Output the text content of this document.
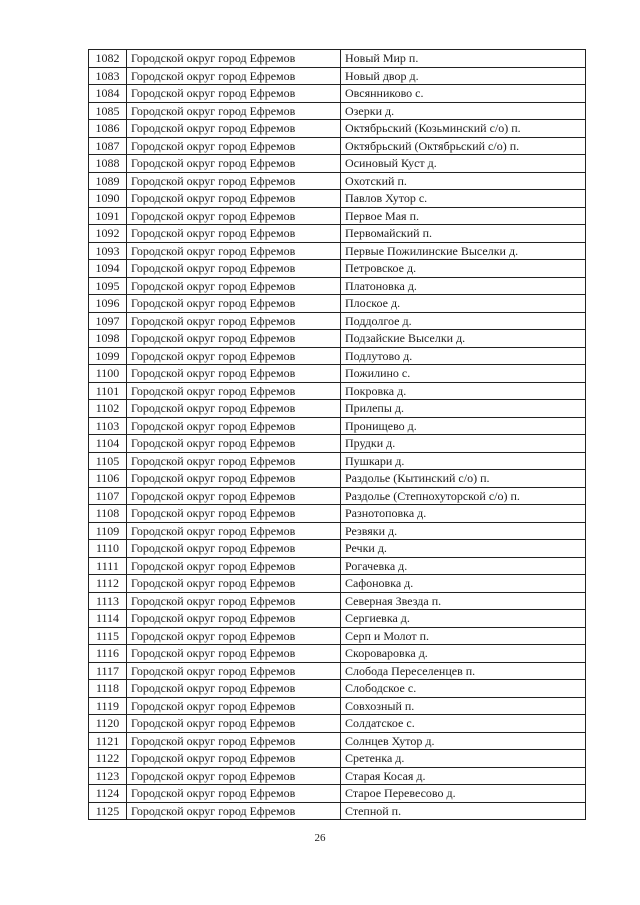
1082	Городской округ город Ефремов	Новый Мир п.
1083	Городской округ город Ефремов	Новый двор д.
1084	Городской округ город Ефремов	Овсянниково с.
1085	Городской округ город Ефремов	Озерки д.
1086	Городской округ город Ефремов	Октябрьский (Козьминский с/о) п.
1087	Городской округ город Ефремов	Октябрьский (Октябрьский с/о) п.
1088	Городской округ город Ефремов	Осиновый Куст д.
1089	Городской округ город Ефремов	Охотский п.
1090	Городской округ город Ефремов	Павлов Хутор с.
1091	Городской округ город Ефремов	Первое Мая п.
1092	Городской округ город Ефремов	Первомайский п.
1093	Городской округ город Ефремов	Первые Пожилинские Выселки д.
1094	Городской округ город Ефремов	Петровское д.
1095	Городской округ город Ефремов	Платоновка д.
1096	Городской округ город Ефремов	Плоское д.
1097	Городской округ город Ефремов	Поддолгое д.
1098	Городской округ город Ефремов	Подзайские Выселки д.
1099	Городской округ город Ефремов	Подлутово д.
1100	Городской округ город Ефремов	Пожилино с.
1101	Городской округ город Ефремов	Покровка д.
1102	Городской округ город Ефремов	Прилепы д.
1103	Городской округ город Ефремов	Пронищево д.
1104	Городской округ город Ефремов	Прудки д.
1105	Городской округ город Ефремов	Пушкари д.
1106	Городской округ город Ефремов	Раздолье (Кытинский с/о) п.
1107	Городской округ город Ефремов	Раздолье (Степнохуторской с/о) п.
1108	Городской округ город Ефремов	Разнотоповка д.
1109	Городской округ город Ефремов	Резвяки д.
1110	Городской округ город Ефремов	Речки д.
1111	Городской округ город Ефремов	Рогачевка д.
1112	Городской округ город Ефремов	Сафоновка д.
1113	Городской округ город Ефремов	Северная Звезда п.
1114	Городской округ город Ефремов	Сергиевка д.
1115	Городской округ город Ефремов	Серп и Молот п.
1116	Городской округ город Ефремов	Скороваровка д.
1117	Городской округ город Ефремов	Слобода Переселенцев п.
1118	Городской округ город Ефремов	Слободское с.
1119	Городской округ город Ефремов	Совхозный п.
1120	Городской округ город Ефремов	Солдатское с.
1121	Городской округ город Ефремов	Солнцев Хутор д.
1122	Городской округ город Ефремов	Сретенка д.
1123	Городской округ город Ефремов	Старая Косая д.
1124	Городской округ город Ефремов	Старое Перевесово д.
1125	Городской округ город Ефремов	Степной п.
26
